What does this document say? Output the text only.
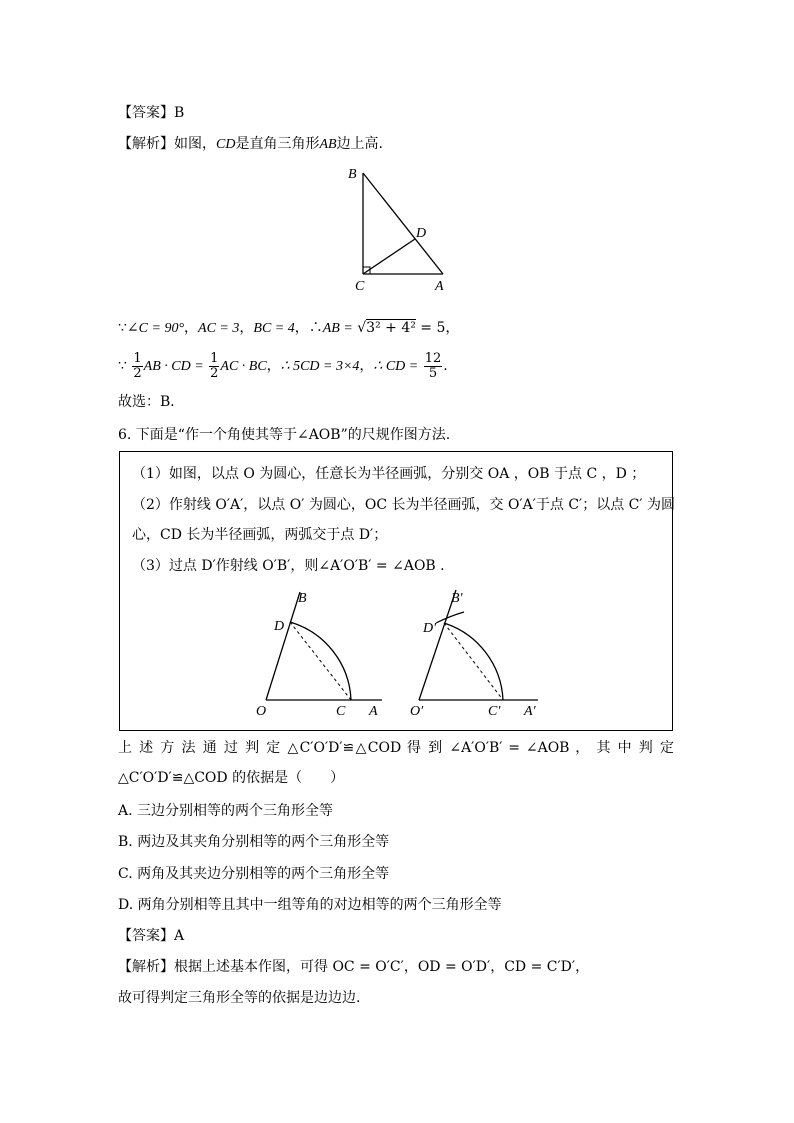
【答案】B
【解析】如图，CD是直角三角形AB边上高.
B
D
C	A
∵∠C = 90°，AC = 3，BC = 4，∴AB = √3² + 4² = 5，
∵ $\frac{1}{2}$ AB · CD = $\frac{1}{2}$ AC · BC，∴ 5CD = 3×4，∴ CD = $\frac{12}{5}$ .
故选：B．
6. 下面是“作一个角使其等于∠AOB”的尺规作图方法.
（1）如图，以点 O 为圆心，任意长为半径画弧，分别交 OA ，OB 于点 C ，D ；
（2）作射线 O′A′，以点 O′ 为圆心，OC 长为半径画弧，交 O′A′于点 C′；以点 C′ 为圆
心，CD 长为半径画弧，两弧交于点 D′；
（3）过点 D′作射线 O′B′，则∠A′O′B′ = ∠AOB .
B
D
O	C A
B′
D′
O′	C′ A′
上 述 方 法 通 过 判 定 △C′O′D′≌△COD 得 到 ∠A′O′B′ = ∠AOB ， 其 中 判 定
△C′O′D′≌△COD 的依据是（　　）
A. 三边分别相等的两个三角形全等
B. 两边及其夹角分别相等的两个三角形全等
C. 两角及其夹边分别相等的两个三角形全等
D. 两角分别相等且其中一组等角的对边相等的两个三角形全等
【答案】A
【解析】根据上述基本作图，可得 OC = O′C′，OD = O′D′，CD = C′D′，
故可得判定三角形全等的依据是边边边.
